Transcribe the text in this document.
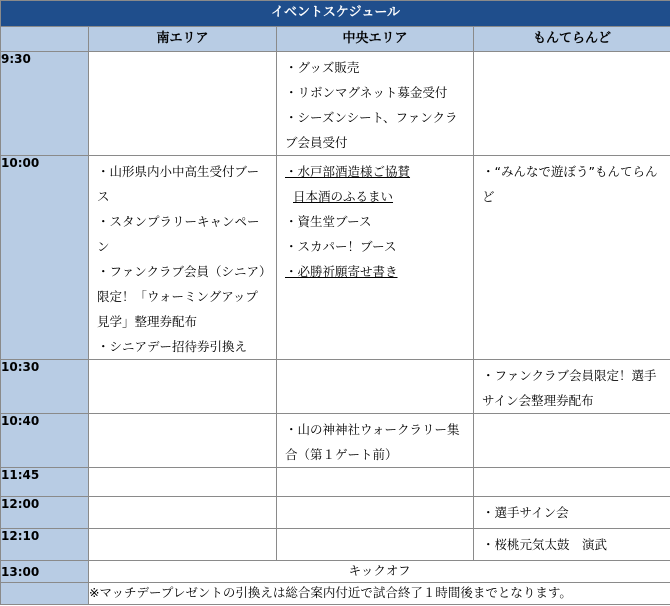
イベントスケジュール			
	南エリア	中央エリア	もんてらんど
9:30		・グッズ販売
・リボンマグネット募金受付
・シーズンシート、ファンクラブ会員受付	

10:00	・山形県内小中高生受付ブース
・スタンプラリーキャンペーン
・ファンクラブ会員（シニア）限定！「ウォーミングアップ見学」整理券配布
・シニアデー招待券引換え	・水戸部酒造様ご協賛
日本酒のふるまい
・資生堂ブース
・スカパー！ブース
・必勝祈願寄せ書き	・“みんなで遊ぼう”もんてらんど

10:30			・ファンクラブ会員限定！選手サイン会整理券配布

10:40		・山の神神社ウォークラリー集合（第１ゲート前）	

11:45			
12:00			・選手サイン会

12:10			・桜桃元気太鼓　演武

13:00	キックオフ		
	※マッチデープレゼントの引換えは総合案内付近で試合終了１時間後までとなります。		
